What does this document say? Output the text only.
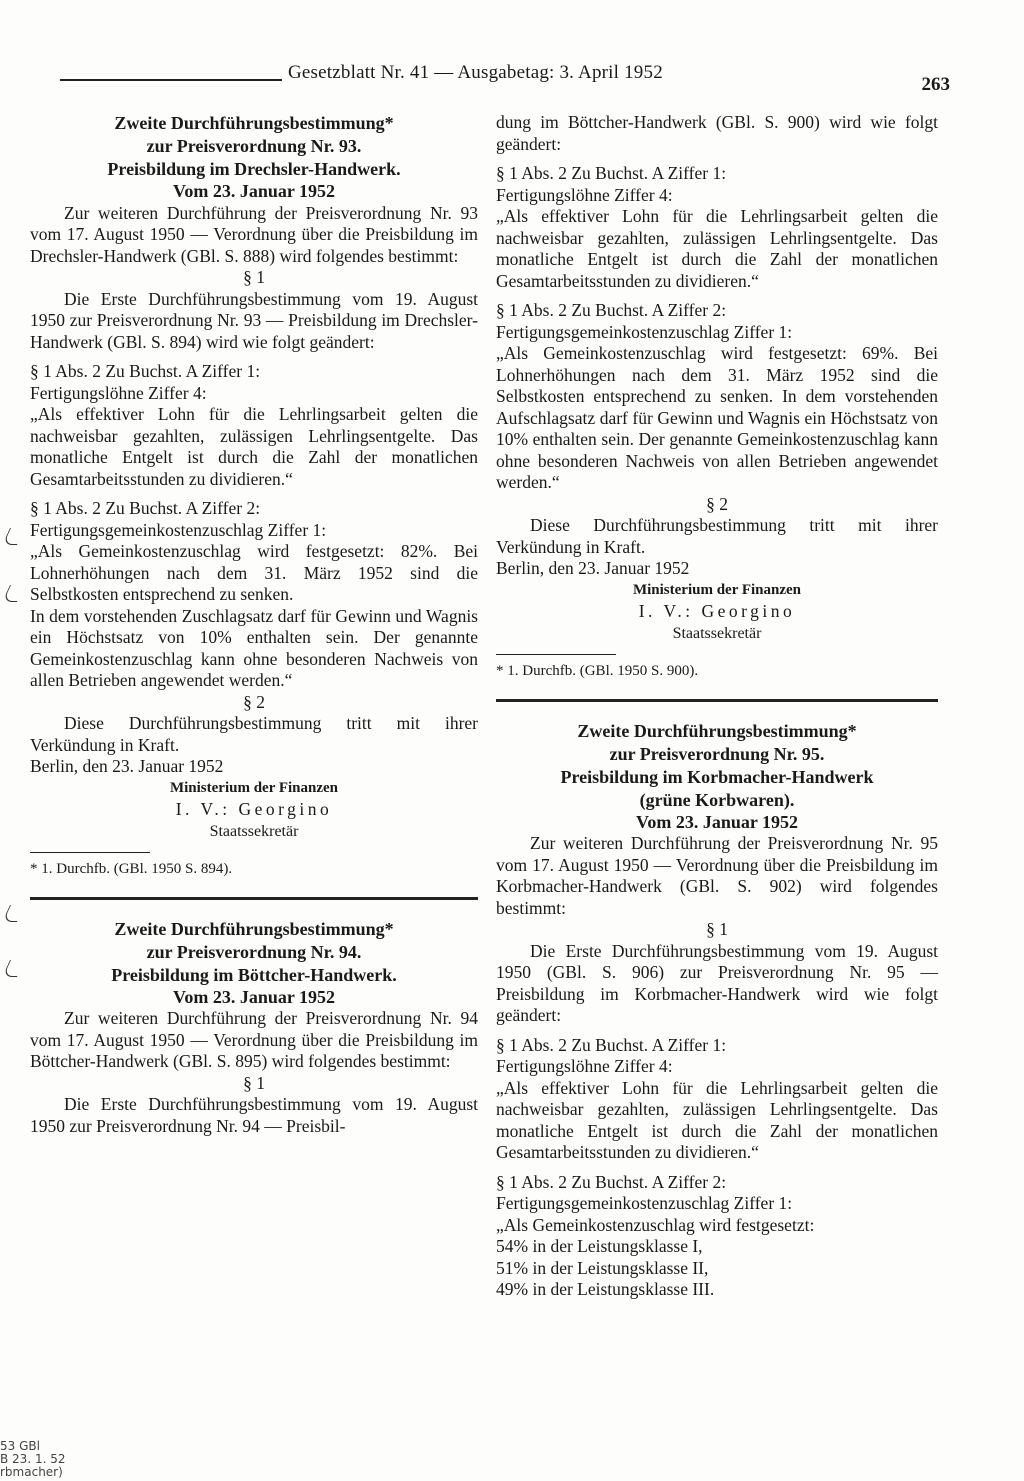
Gesetzblatt Nr. 41 — Ausgabetag: 3. April 1952
263
53 GBl
B 23. 1. 52
rbmacher)

Zweite Durchführungsbestimmung*

zur Preisverordnung Nr. 93.

Preisbildung im Drechsler-Handwerk.

Vom 23. Januar 1952

Zur weiteren Durchführung der Preisverordnung Nr. 93 vom 17. August 1950 — Verordnung über die Preisbildung im Drechsler-Handwerk (GBl. S. 888) wird folgendes bestimmt:

§ 1

Die Erste Durchführungsbestimmung vom 19. August 1950 zur Preisverordnung Nr. 93 — Preisbildung im Drechsler-Handwerk (GBl. S. 894) wird wie folgt geändert:

§ 1 Abs. 2 Zu Buchst. A Ziffer 1:

Fertigungslöhne Ziffer 4:

„Als effektiver Lohn für die Lehrlingsarbeit gelten die nachweisbar gezahlten, zulässigen Lehrlingsentgelte. Das monatliche Entgelt ist durch die Zahl der monatlichen Gesamtarbeitsstunden zu dividieren.“

§ 1 Abs. 2 Zu Buchst. A Ziffer 2:

Fertigungsgemeinkostenzuschlag Ziffer 1:

„Als Gemeinkostenzuschlag wird festgesetzt: 82%. Bei Lohnerhöhungen nach dem 31. März 1952 sind die Selbstkosten entsprechend zu senken.

In dem vorstehenden Zuschlagsatz darf für Gewinn und Wagnis ein Höchstsatz von 10% enthalten sein. Der genannte Gemeinkostenzuschlag kann ohne besonderen Nachweis von allen Betrieben angewendet werden.“

§ 2

Diese Durchführungsbestimmung tritt mit ihrer Verkündung in Kraft.

Berlin, den 23. Januar 1952

Ministerium der Finanzen

I. V.: Georgino

Staatssekretär

* 1. Durchfb. (GBl. 1950 S. 894).

Zweite Durchführungsbestimmung*

zur Preisverordnung Nr. 94.

Preisbildung im Böttcher-Handwerk.

Vom 23. Januar 1952

Zur weiteren Durchführung der Preisverordnung Nr. 94 vom 17. August 1950 — Verordnung über die Preisbildung im Böttcher-Handwerk (GBl. S. 895) wird folgendes bestimmt:

§ 1

Die Erste Durchführungsbestimmung vom 19. August 1950 zur Preisverordnung Nr. 94 — Preisbil-

dung im Böttcher-Handwerk (GBl. S. 900) wird wie folgt geändert:

§ 1 Abs. 2 Zu Buchst. A Ziffer 1:

Fertigungslöhne Ziffer 4:

„Als effektiver Lohn für die Lehrlingsarbeit gelten die nachweisbar gezahlten, zulässigen Lehrlingsentgelte. Das monatliche Entgelt ist durch die Zahl der monatlichen Gesamtarbeitsstunden zu dividieren.“

§ 1 Abs. 2 Zu Buchst. A Ziffer 2:

Fertigungsgemeinkostenzuschlag Ziffer 1:

„Als Gemeinkostenzuschlag wird festgesetzt: 69%. Bei Lohnerhöhungen nach dem 31. März 1952 sind die Selbstkosten entsprechend zu senken. In dem vorstehenden Aufschlagsatz darf für Gewinn und Wagnis ein Höchstsatz von 10% enthalten sein. Der genannte Gemeinkostenzuschlag kann ohne besonderen Nachweis von allen Betrieben angewendet werden.“

§ 2

Diese Durchführungsbestimmung tritt mit ihrer Verkündung in Kraft.

Berlin, den 23. Januar 1952

Ministerium der Finanzen

I. V.: Georgino

Staatssekretär

* 1. Durchfb. (GBl. 1950 S. 900).

Zweite Durchführungsbestimmung*

zur Preisverordnung Nr. 95.

Preisbildung im Korbmacher-Handwerk

(grüne Korbwaren).

Vom 23. Januar 1952

Zur weiteren Durchführung der Preisverordnung Nr. 95 vom 17. August 1950 — Verordnung über die Preisbildung im Korbmacher-Handwerk (GBl. S. 902) wird folgendes bestimmt:

§ 1

Die Erste Durchführungsbestimmung vom 19. August 1950 (GBl. S. 906) zur Preisverordnung Nr. 95 — Preisbildung im Korbmacher-Handwerk wird wie folgt geändert:

§ 1 Abs. 2 Zu Buchst. A Ziffer 1:

Fertigungslöhne Ziffer 4:

„Als effektiver Lohn für die Lehrlingsarbeit gelten die nachweisbar gezahlten, zulässigen Lehrlingsentgelte. Das monatliche Entgelt ist durch die Zahl der monatlichen Gesamtarbeitsstunden zu dividieren.“

§ 1 Abs. 2 Zu Buchst. A Ziffer 2:

Fertigungsgemeinkostenzuschlag Ziffer 1:

„Als Gemeinkostenzuschlag wird festgesetzt:

54% in der Leistungsklasse I,

51% in der Leistungsklasse II,

49% in der Leistungsklasse III.
